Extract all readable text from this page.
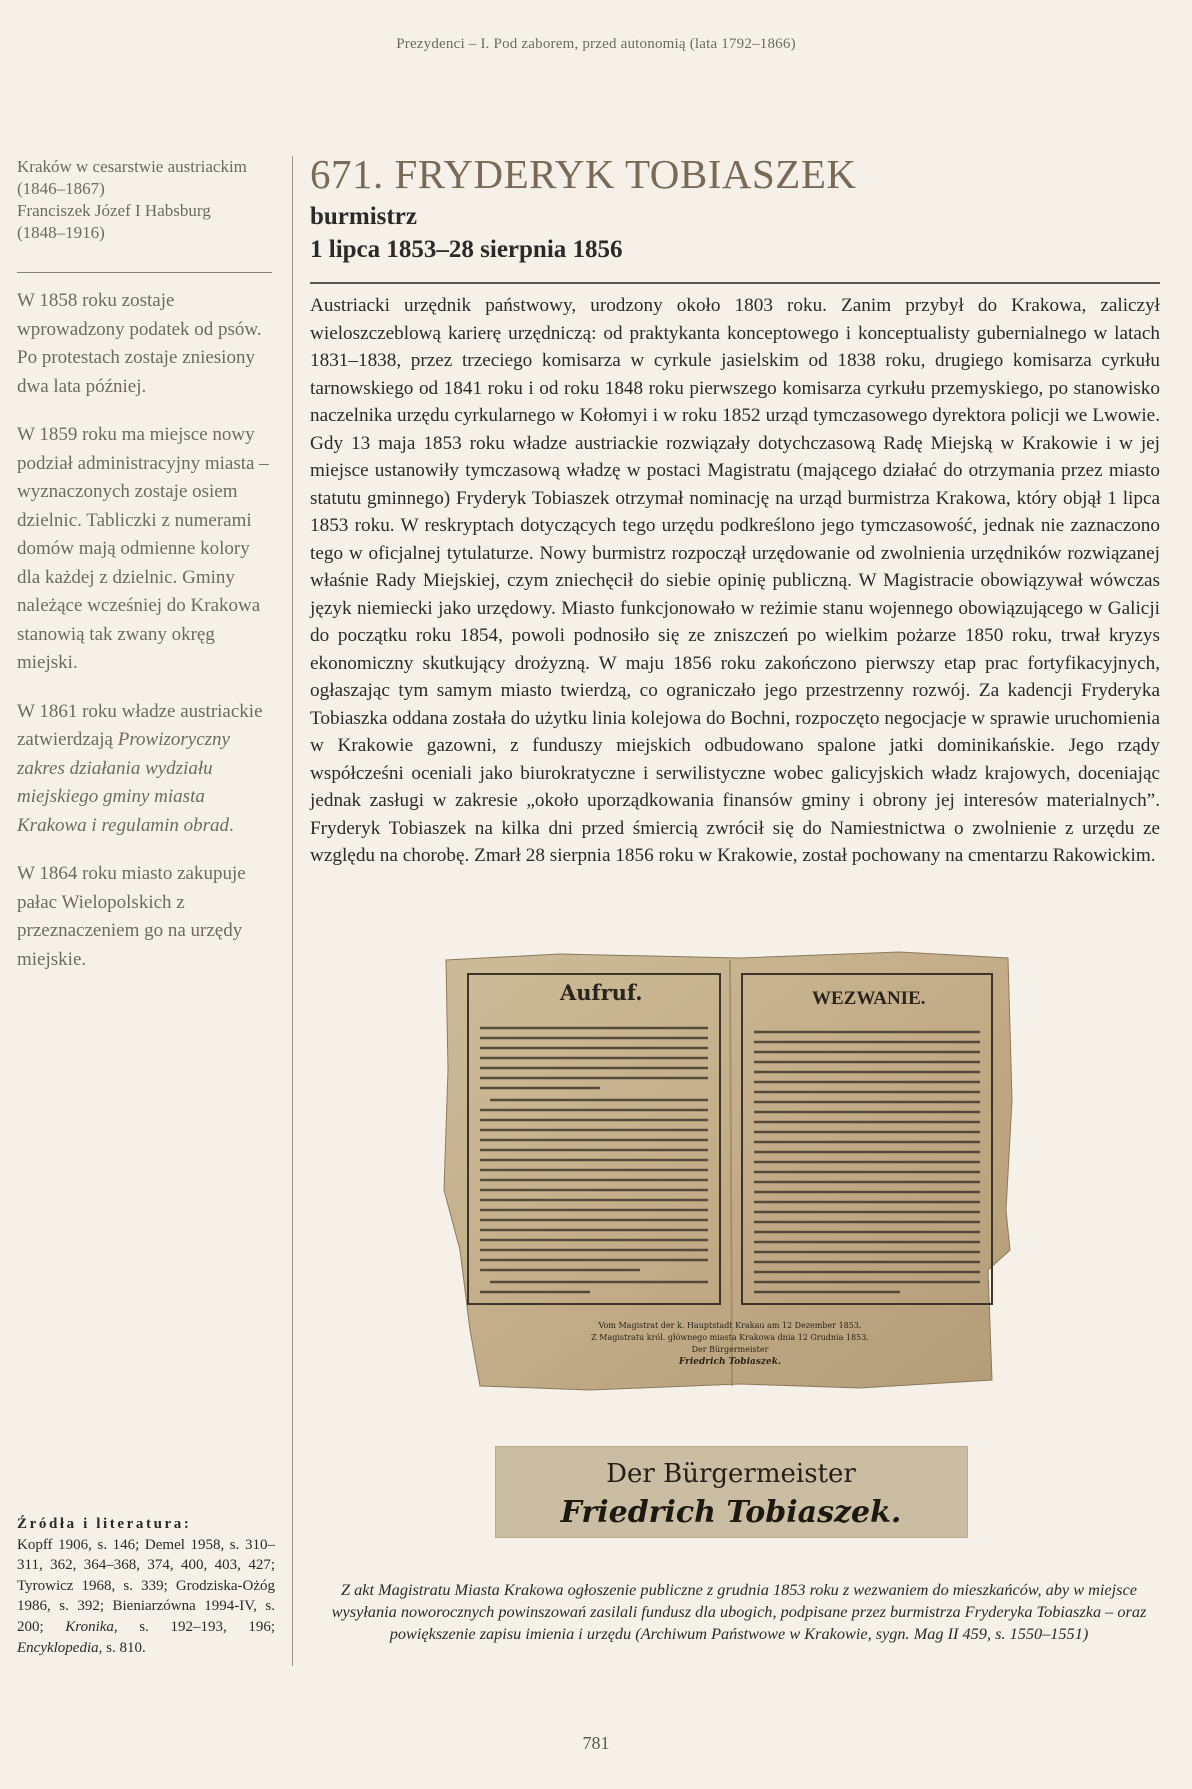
Prezydenci – I. Pod zaborem, przed autonomią (lata 1792–1866)
Kraków w cesarstwie austriackim
(1846–1867)
Franciszek Józef I Habsburg
(1848–1916)

W 1858 roku zostaje wprowadzony podatek od psów. Po protestach zostaje zniesiony dwa lata później.

W 1859 roku ma miejsce nowy podział administracyjny miasta – wyznaczonych zostaje osiem dzielnic. Tabliczki z numerami domów mają odmienne kolory dla każdej z dzielnic. Gminy należące wcześniej do Krakowa stanowią tak zwany okręg miejski.

W 1861 roku władze austriackie zatwierdzają Prowizoryczny zakres działania wydziału miejskiego gminy miasta Krakowa i regulamin obrad.

W 1864 roku miasto zakupuje pałac Wielopolskich z przeznaczeniem go na urzędy miejskie.

Źródła i literatura:
Kopff 1906, s. 146; Demel 1958, s. 310–311, 362, 364–368, 374, 400, 403, 427; Tyrowicz 1968, s. 339; Grodziska-Ożóg 1986, s. 392; Bieniarzówna 1994-IV, s. 200; Kronika, s. 192–193, 196; Encyklopedia, s. 810.
671. FRYDERYK TOBIASZEK
burmistrz
1 lipca 1853–28 sierpnia 1856

Austriacki urzędnik państwowy, urodzony około 1803 roku. Zanim przybył do Krakowa, zaliczył wieloszczeblową karierę urzędniczą: od praktykanta konceptowego i konceptualisty gubernialnego w latach 1831–1838, przez trzeciego komisarza w cyrkule jasielskim od 1838 roku, drugiego komisarza cyrkułu tarnowskiego od 1841 roku i od roku 1848 roku pierwszego komisarza cyrkułu przemyskiego, po stanowisko naczelnika urzędu cyrkularnego w Kołomyi i w roku 1852 urząd tymczasowego dyrektora policji we Lwowie. Gdy 13 maja 1853 roku władze austriackie rozwiązały dotychczasową Radę Miejską w Krakowie i w jej miejsce ustanowiły tymczasową władzę w postaci Magistratu (mającego działać do otrzymania przez miasto statutu gminnego) Fryderyk Tobiaszek otrzymał nominację na urząd burmistrza Krakowa, który objął 1 lipca 1853 roku. W reskryptach dotyczących tego urzędu podkreślono jego tymczasowość, jednak nie zaznaczono tego w oficjalnej tytulaturze. Nowy burmistrz rozpoczął urzędowanie od zwolnienia urzędników rozwiązanej właśnie Rady Miejskiej, czym zniechęcił do siebie opinię publiczną. W Magistracie obowiązywał wówczas język niemiecki jako urzędowy. Miasto funkcjonowało w reżimie stanu wojennego obowiązującego w Galicji do początku roku 1854, powoli podnosiło się ze zniszczeń po wielkim pożarze 1850 roku, trwał kryzys ekonomiczny skutkujący drożyzną. W maju 1856 roku zakończono pierwszy etap prac fortyfikacyjnych, ogłaszając tym samym miasto twierdzą, co ograniczało jego przestrzenny rozwój. Za kadencji Fryderyka Tobiaszka oddana została do użytku linia kolejowa do Bochni, rozpoczęto negocjacje w sprawie uruchomienia w Krakowie gazowni, z funduszy miejskich odbudowano spalone jatki dominikańskie. Jego rządy współcześni oceniali jako biurokratyczne i serwilistyczne wobec galicyjskich władz krajowych, doceniając jednak zasługi w zakresie „około uporządkowania finansów gminy i obrony jej interesów materialnych”. Fryderyk Tobiaszek na kilka dni przed śmiercią zwrócił się do Namiestnictwa o zwolnienie z urzędu ze względu na chorobę. Zmarł 28 sierpnia 1856 roku w Krakowie, został pochowany na cmentarzu Rakowickim.

Aufruf.	WEZWANIE.
Vom Magistrat der k. Hauptstadt Krakau am 12 Dezember 1853.
Z Magistratu król. głównego miasta Krakowa dnia 12 Grudnia 1853.
Der Bürgermeister
Friedrich Tobiaszek.
Der Bürgermeister
Friedrich Tobiaszek.
Z akt Magistratu Miasta Krakowa ogłoszenie publiczne z grudnia 1853 roku z wezwaniem do mieszkańców, aby w miejsce wysyłania noworocznych powinszowań zasilali fundusz dla ubogich, podpisane przez burmistrza Fryderyka Tobiaszka – oraz powiększenie zapisu imienia i urzędu (Archiwum Państwowe w Krakowie, sygn. Mag II 459, s. 1550–1551)
781
